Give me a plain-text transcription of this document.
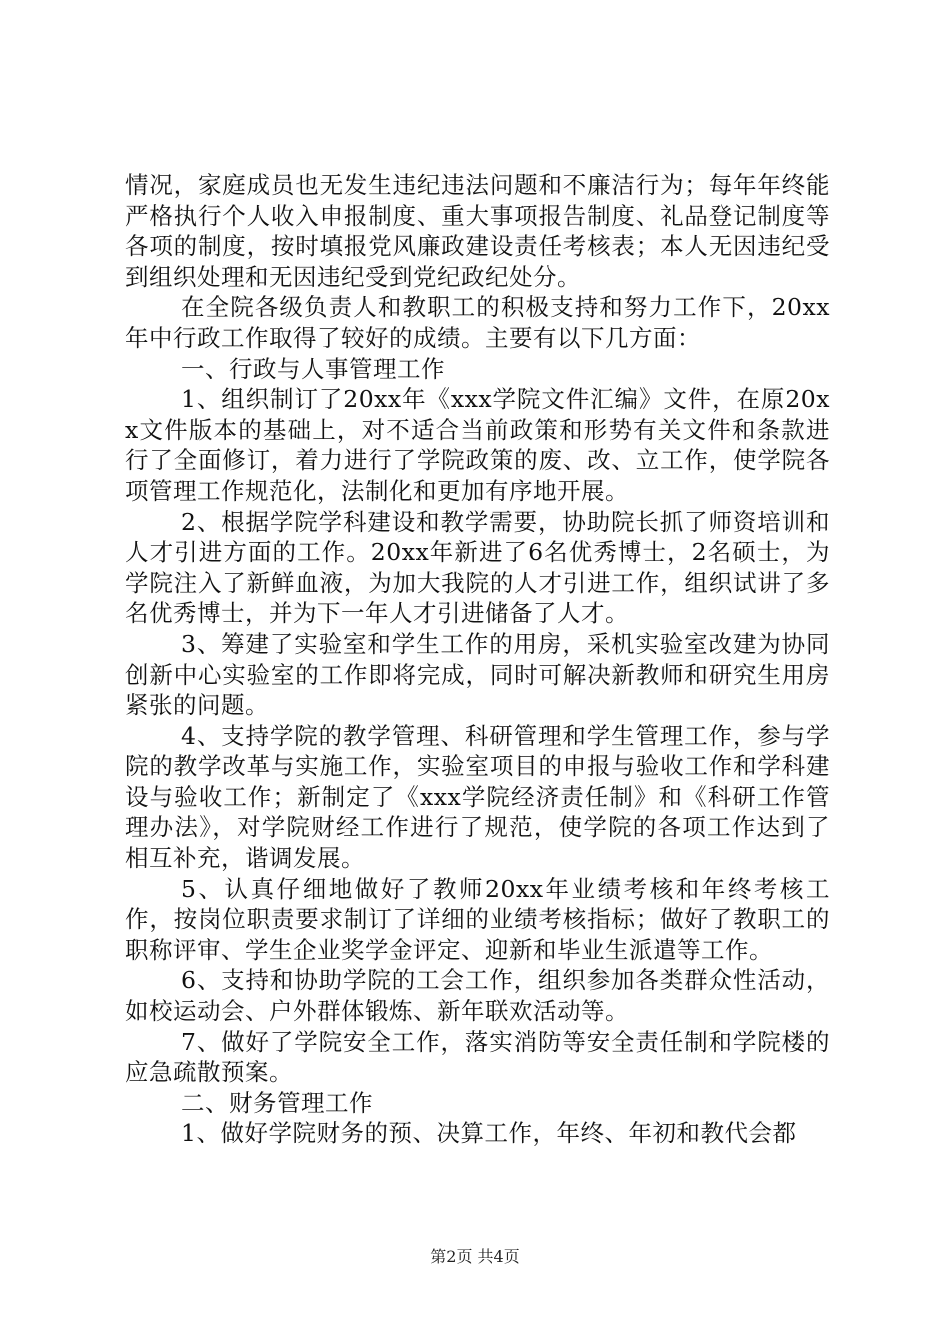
情况，家庭成员也无发生违纪违法问题和不廉洁行为；每年年终能严格执行个人收入申报制度、重大事项报告制度、礼品登记制度等各项的制度，按时填报党风廉政建设责任考核表；本人无因违纪受到组织处理和无因违纪受到党纪政纪处分。

在全院各级负责人和教职工的积极支持和努力工作下，20xx年中行政工作取得了较好的成绩。主要有以下几方面：

一、行政与人事管理工作

1、组织制订了20xx年《xxx学院文件汇编》文件，在原20xx文件版本的基础上，对不适合当前政策和形势有关文件和条款进行了全面修订，着力进行了学院政策的废、改、立工作，使学院各项管理工作规范化，法制化和更加有序地开展。

2、根据学院学科建设和教学需要，协助院长抓了师资培训和人才引进方面的工作。20xx年新进了6名优秀博士，2名硕士，为学院注入了新鲜血液，为加大我院的人才引进工作，组织试讲了多名优秀博士，并为下一年人才引进储备了人才。

3、筹建了实验室和学生工作的用房，采机实验室改建为协同创新中心实验室的工作即将完成，同时可解决新教师和研究生用房紧张的问题。

4、支持学院的教学管理、科研管理和学生管理工作，参与学院的教学改革与实施工作，实验室项目的申报与验收工作和学科建设与验收工作；新制定了《xxx学院经济责任制》和《科研工作管理办法》，对学院财经工作进行了规范，使学院的各项工作达到了相互补充，谐调发展。

5、认真仔细地做好了教师20xx年业绩考核和年终考核工作，按岗位职责要求制订了详细的业绩考核指标；做好了教职工的职称评审、学生企业奖学金评定、迎新和毕业生派遣等工作。

6、支持和协助学院的工会工作，组织参加各类群众性活动，如校运动会、户外群体锻炼、新年联欢活动等。

7、做好了学院安全工作，落实消防等安全责任制和学院楼的应急疏散预案。

二、财务管理工作

1、做好学院财务的预、决算工作，年终、年初和教代会都

第2页 共4页
